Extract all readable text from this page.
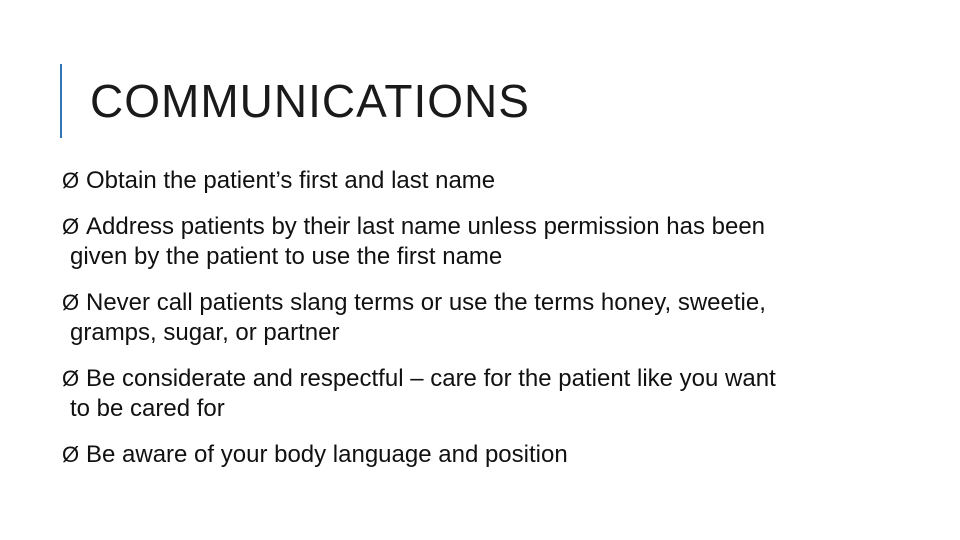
COMMUNICATIONS
Ø Obtain the patient’s first and last name
Ø Address patients by their last name unless permission has been
given by the patient to use the first name
Ø Never call patients slang terms or use the terms honey, sweetie,
gramps, sugar, or partner
Ø Be considerate and respectful – care for the patient like you want
to be cared for
Ø Be aware of your body language and position
